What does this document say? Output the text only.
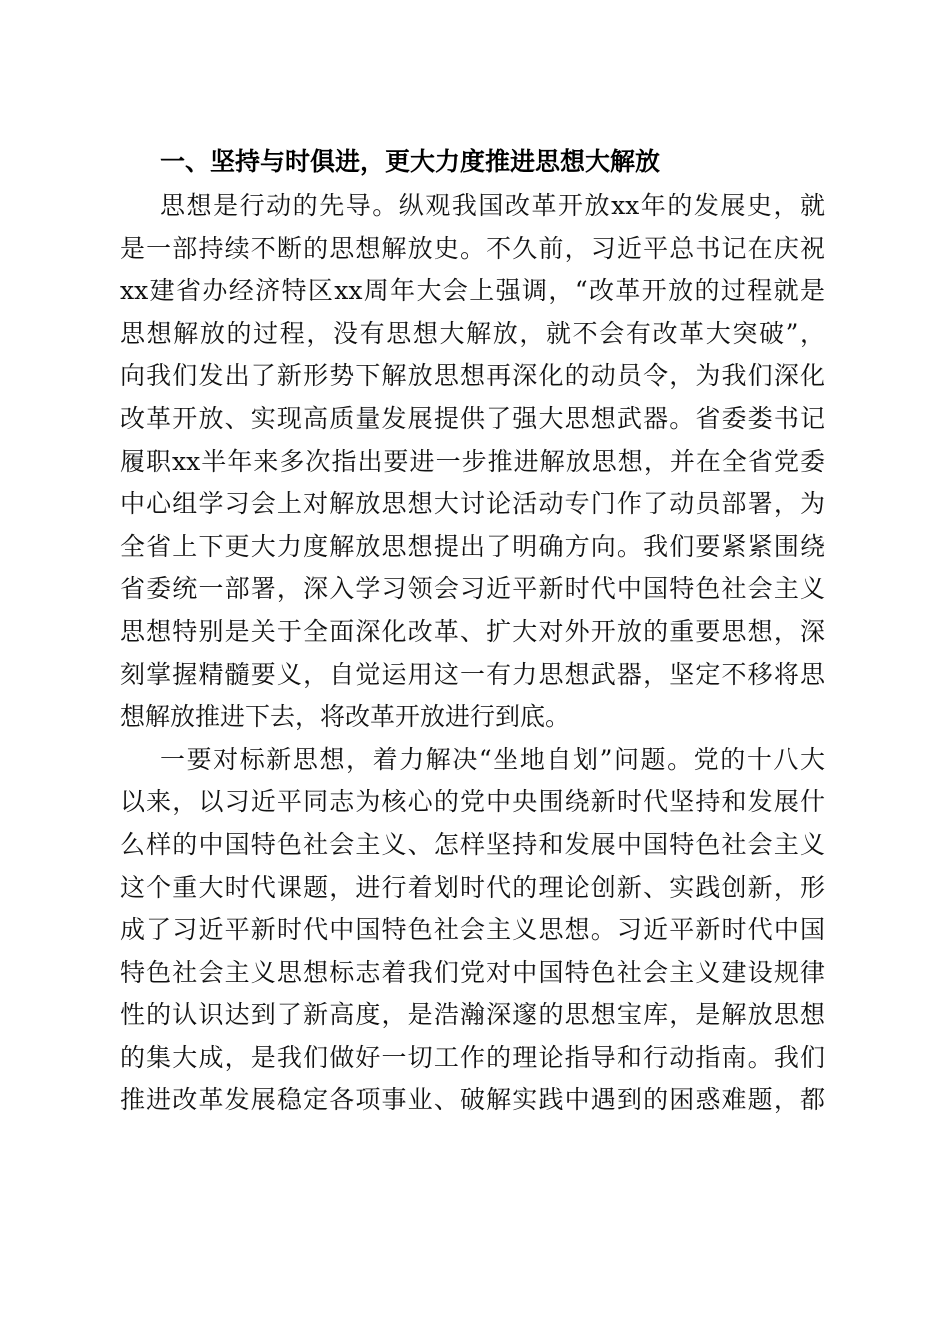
一、坚持与时俱进，更大力度推进思想大解放
思想是行动的先导。纵观我国改革开放xx年的发展史，就
是一部持续不断的思想解放史。不久前，习近平总书记在庆祝
xx建省办经济特区xx周年大会上强调，“改革开放的过程就是
思想解放的过程，没有思想大解放，就不会有改革大突破”，
向我们发出了新形势下解放思想再深化的动员令，为我们深化
改革开放、实现高质量发展提供了强大思想武器。省委娄书记
履职xx半年来多次指出要进一步推进解放思想，并在全省党委
中心组学习会上对解放思想大讨论活动专门作了动员部署，为
全省上下更大力度解放思想提出了明确方向。我们要紧紧围绕
省委统一部署，深入学习领会习近平新时代中国特色社会主义
思想特别是关于全面深化改革、扩大对外开放的重要思想，深
刻掌握精髓要义，自觉运用这一有力思想武器，坚定不移将思
想解放推进下去，将改革开放进行到底。
一要对标新思想，着力解决“坐地自划”问题。党的十八大
以来，以习近平同志为核心的党中央围绕新时代坚持和发展什
么样的中国特色社会主义、怎样坚持和发展中国特色社会主义
这个重大时代课题，进行着划时代的理论创新、实践创新，形
成了习近平新时代中国特色社会主义思想。习近平新时代中国
特色社会主义思想标志着我们党对中国特色社会主义建设规律
性的认识达到了新高度，是浩瀚深邃的思想宝库，是解放思想
的集大成，是我们做好一切工作的理论指导和行动指南。我们
推进改革发展稳定各项事业、破解实践中遇到的困惑难题，都
